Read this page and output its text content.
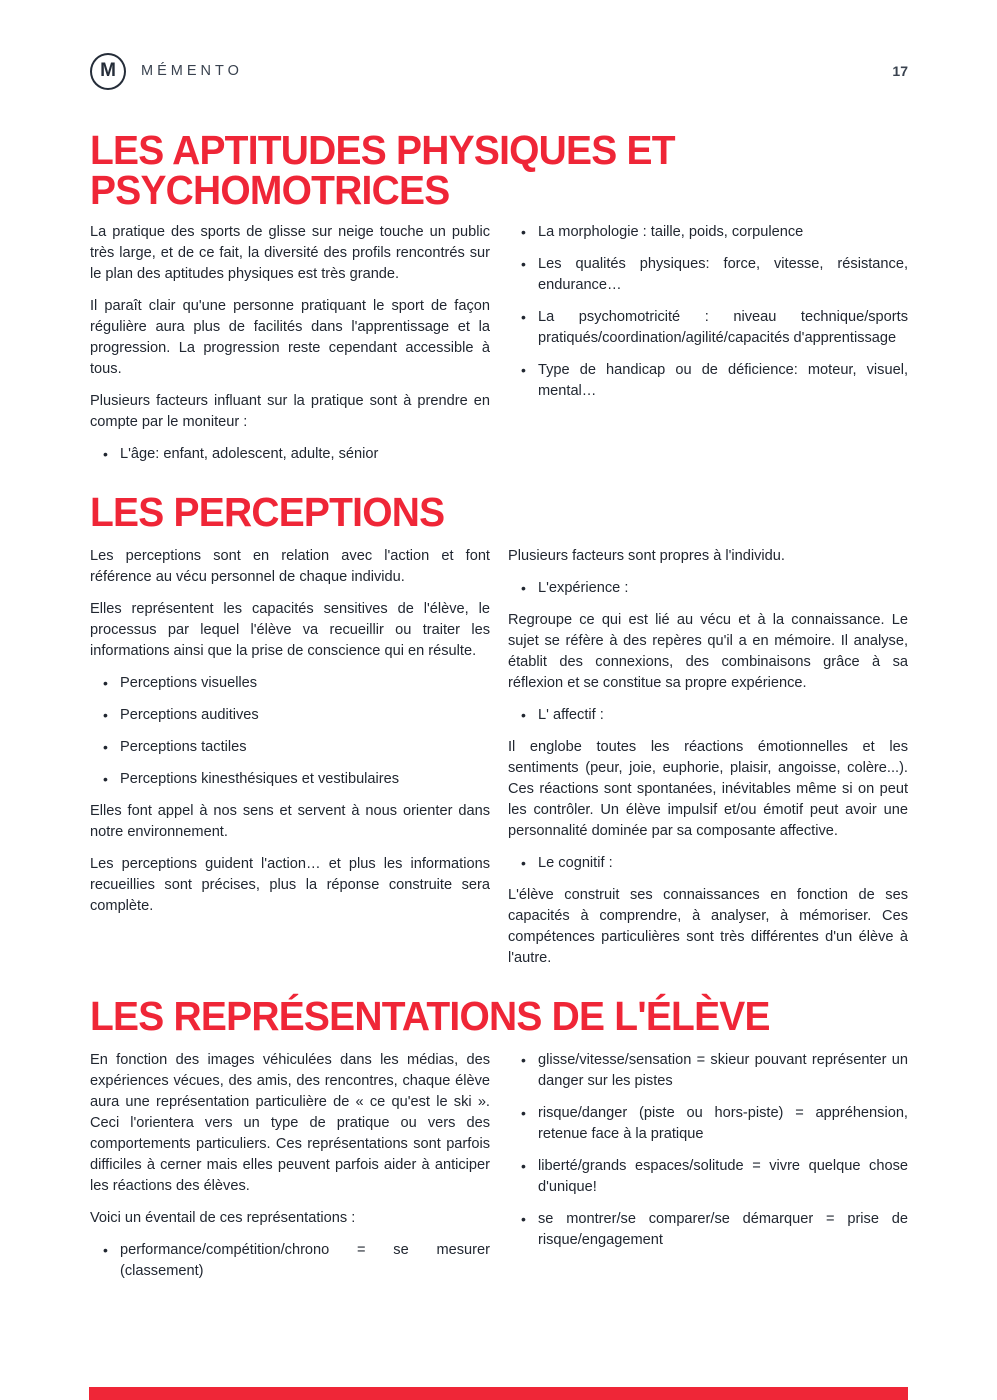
M MÉMENTO	17
LES APTITUDES PHYSIQUES ET PSYCHOMOTRICES

La pratique des sports de glisse sur neige touche un public très large, et de ce fait, la diversité des profils rencontrés sur le plan des aptitudes physiques est très grande.

Il paraît clair qu'une personne pratiquant le sport de façon régulière aura plus de facilités dans l'apprentissage et la progression. La progression reste cependant accessible à tous.

Plusieurs facteurs influant sur la pratique sont à prendre en compte par le moniteur :

• L'âge: enfant, adolescent, adulte, sénior
• La morphologie : taille, poids, corpulence
• Les qualités physiques: force, vitesse, résistance, endurance…
• La psychomotricité : niveau technique/sports pratiqués/coordination/agilité/capacités d'apprentissage
• Type de handicap ou de déficience: moteur, visuel, mental…
LES PERCEPTIONS

Les perceptions sont en relation avec l'action et font référence au vécu personnel de chaque individu.

Elles représentent les capacités sensitives de l'élève, le processus par lequel l'élève va recueillir ou traiter les informations ainsi que la prise de conscience qui en résulte.

• Perceptions visuelles
• Perceptions auditives
• Perceptions tactiles
• Perceptions kinesthésiques et vestibulaires

Elles font appel à nos sens et servent à nous orienter dans notre environnement.

Les perceptions guident l'action… et plus les informations recueillies sont précises, plus la réponse construite sera complète.

Plusieurs facteurs sont propres à l'individu.

• L'expérience :

Regroupe ce qui est lié au vécu et à la connaissance. Le sujet se réfère à des repères qu'il a en mémoire. Il analyse, établit des connexions, des combinaisons grâce à sa réflexion et se constitue sa propre expérience.

• L' affectif :

Il englobe toutes les réactions émotionnelles et les sentiments (peur, joie, euphorie, plaisir, angoisse, colère...). Ces réactions sont spontanées, inévitables même si on peut les contrôler. Un élève impulsif et/ou émotif peut avoir une personnalité dominée par sa composante affective.

• Le cognitif :

L'élève construit ses connaissances en fonction de ses capacités à comprendre, à analyser, à mémoriser. Ces compétences particulières sont très différentes d'un élève à l'autre.

LES REPRÉSENTATIONS DE L'ÉLÈVE

En fonction des images véhiculées dans les médias, des expériences vécues, des amis, des rencontres, chaque élève aura une représentation particulière de « ce qu'est le ski ». Ceci l'orientera vers un type de pratique ou vers des comportements particuliers. Ces représentations sont parfois difficiles à cerner mais elles peuvent parfois aider à anticiper les réactions des élèves.

Voici un éventail de ces représentations :

• performance/compétition/chrono = se mesurer (classement)
• glisse/vitesse/sensation = skieur pouvant représenter un danger sur les pistes
• risque/danger (piste ou hors-piste) = appréhension, retenue face à la pratique
• liberté/grands espaces/solitude = vivre quelque chose d'unique!
• se montrer/se comparer/se démarquer = prise de risque/engagement
